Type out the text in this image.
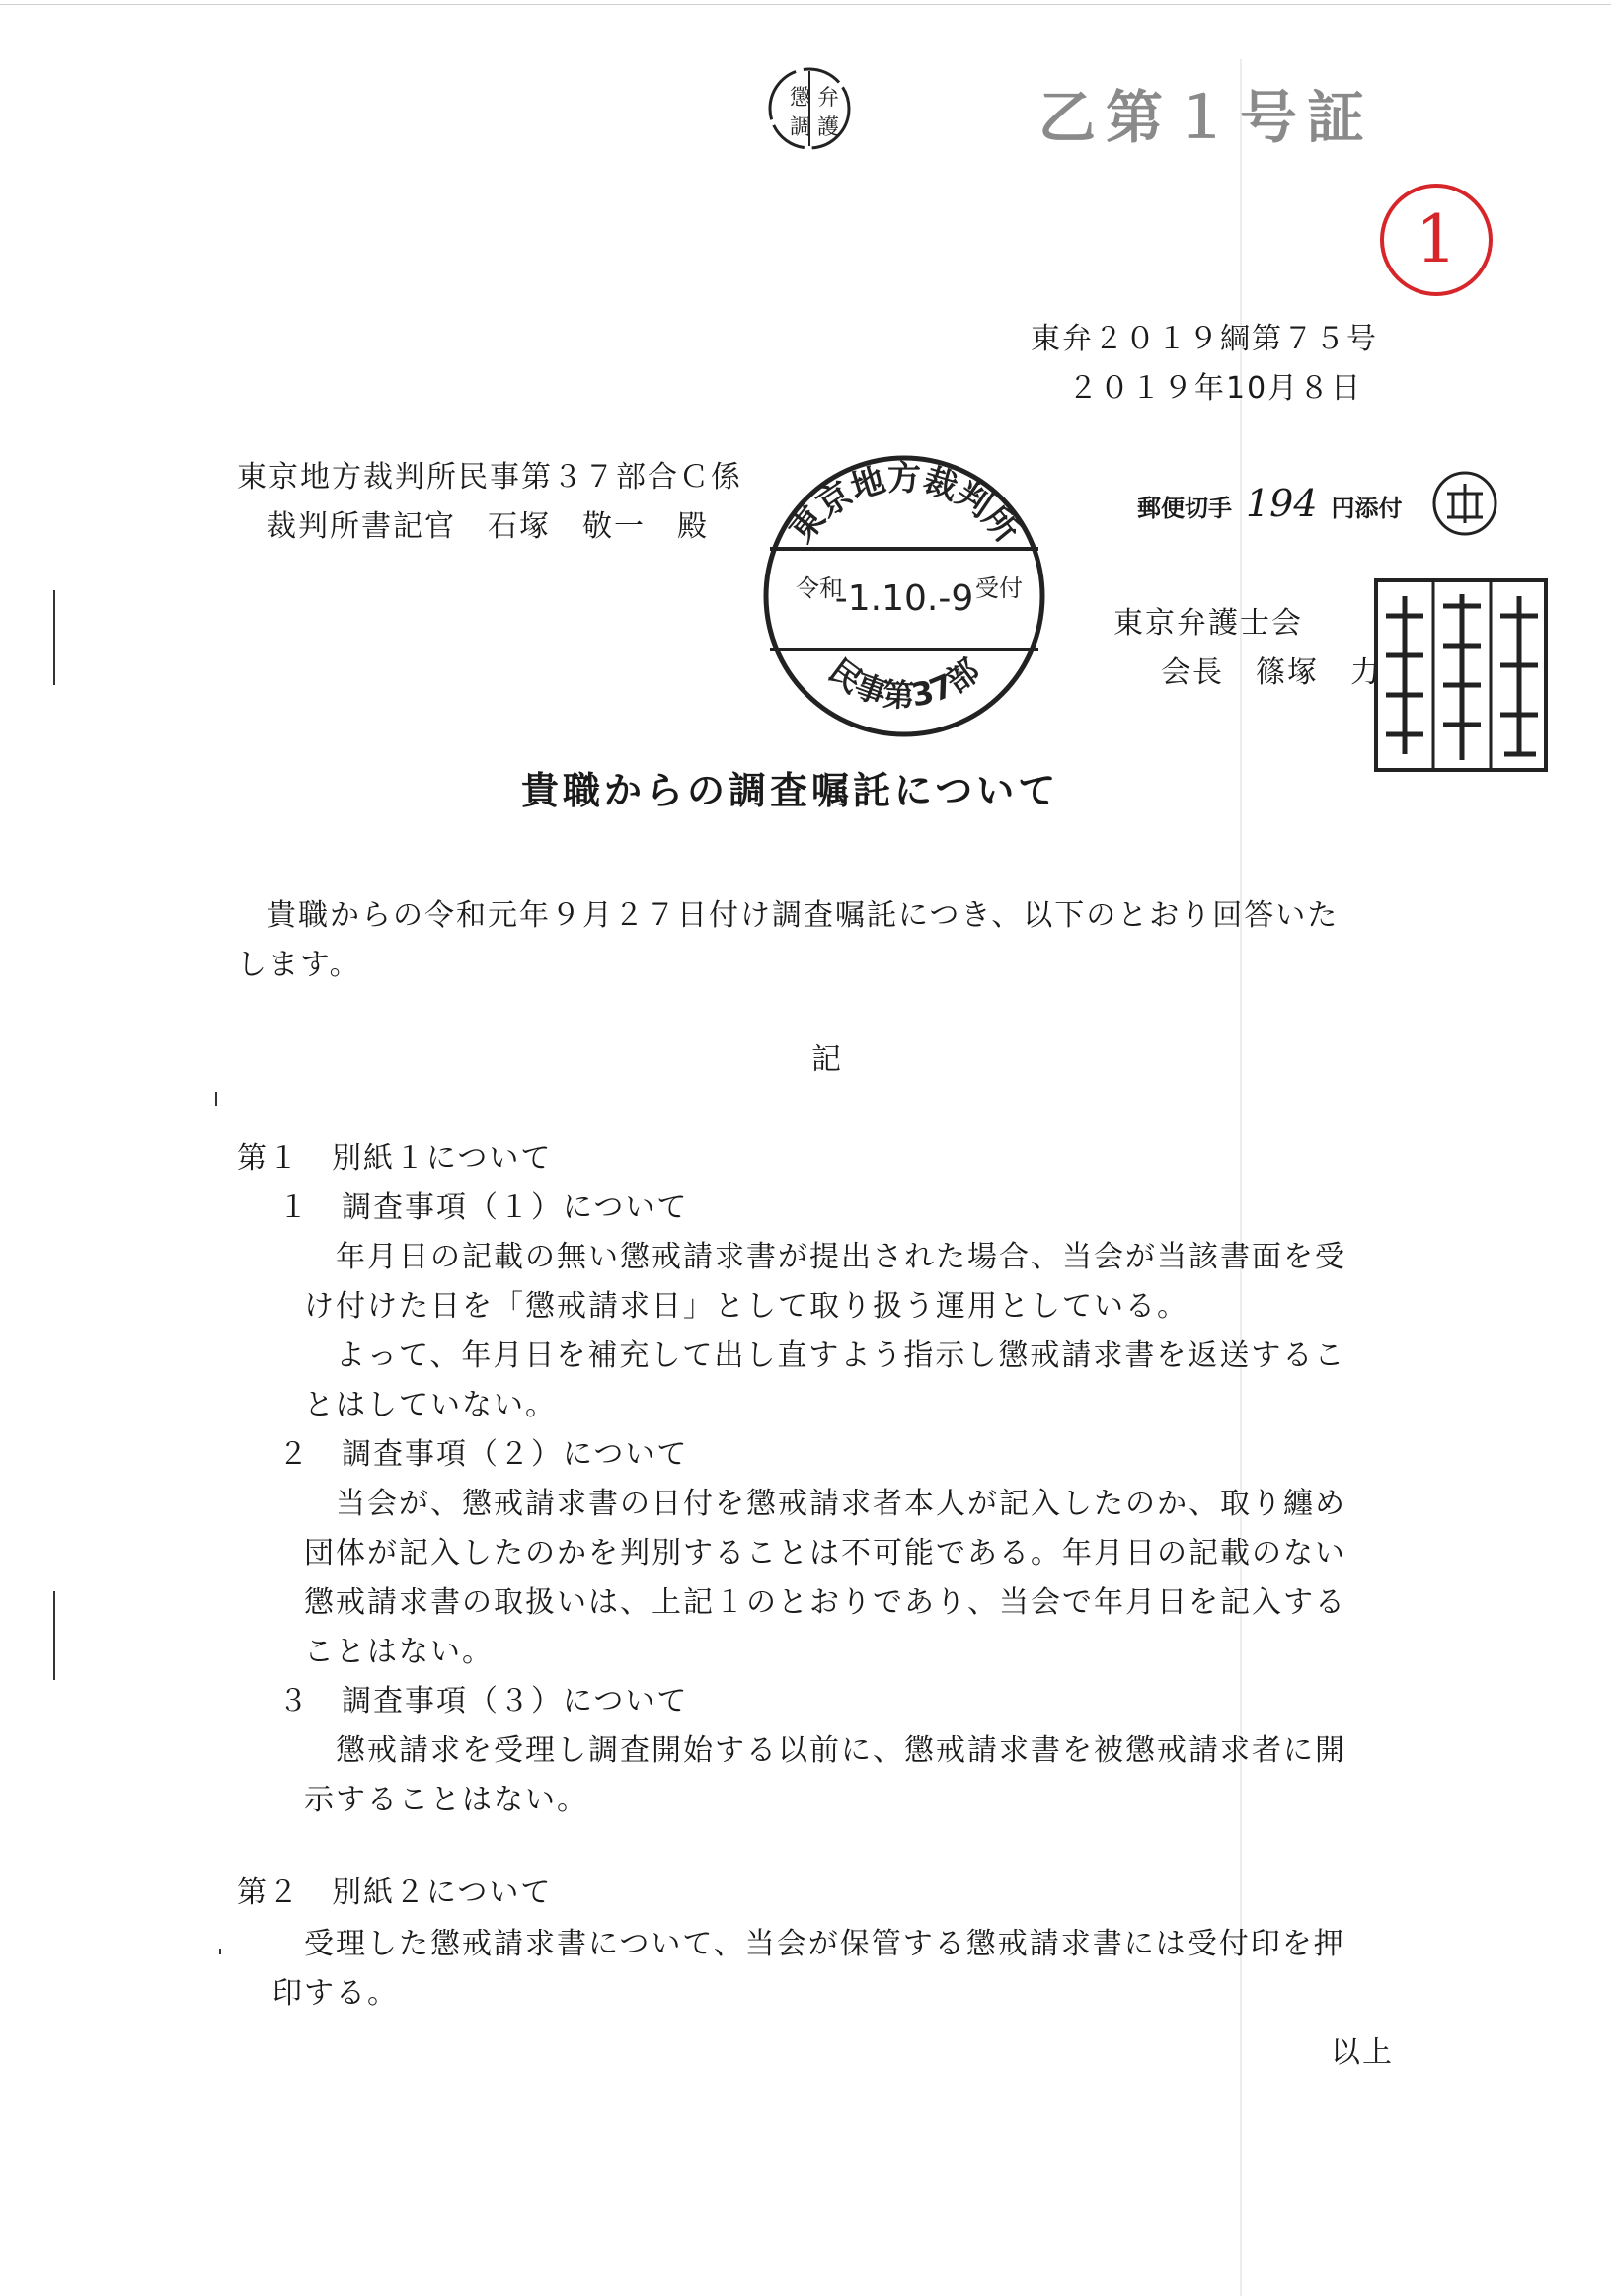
懲 弁
調 護	乙第１号証
1
東弁２０１９綱第７５号
２０１９年10月８日
東京地方裁判所民事第３７部合Ｃ係
裁判所書記官　石塚　敬一　殿 東京地方裁判所
令和	受付
-1.10.-9
民事第37部
郵便切手 194 円添付
東京弁護士会
会長　篠塚　力
貴職からの調査嘱託について
貴職からの令和元年９月２７日付け調査嘱託につき、以下のとおり回答いた
します。
記
第１　別紙１について
１　調査事項（１）について
年月日の記載の無い懲戒請求書が提出された場合、当会が当該書面を受
け付けた日を「懲戒請求日」として取り扱う運用としている。
よって、年月日を補充して出し直すよう指示し懲戒請求書を返送するこ
とはしていない。
２　調査事項（２）について
当会が、懲戒請求書の日付を懲戒請求者本人が記入したのか、取り纏め
団体が記入したのかを判別することは不可能である。年月日の記載のない
懲戒請求書の取扱いは、上記１のとおりであり、当会で年月日を記入する
ことはない。
３　調査事項（３）について
懲戒請求を受理し調査開始する以前に、懲戒請求書を被懲戒請求者に開
示することはない。
第２　別紙２について
受理した懲戒請求書について、当会が保管する懲戒請求書には受付印を押
印する。
以上
